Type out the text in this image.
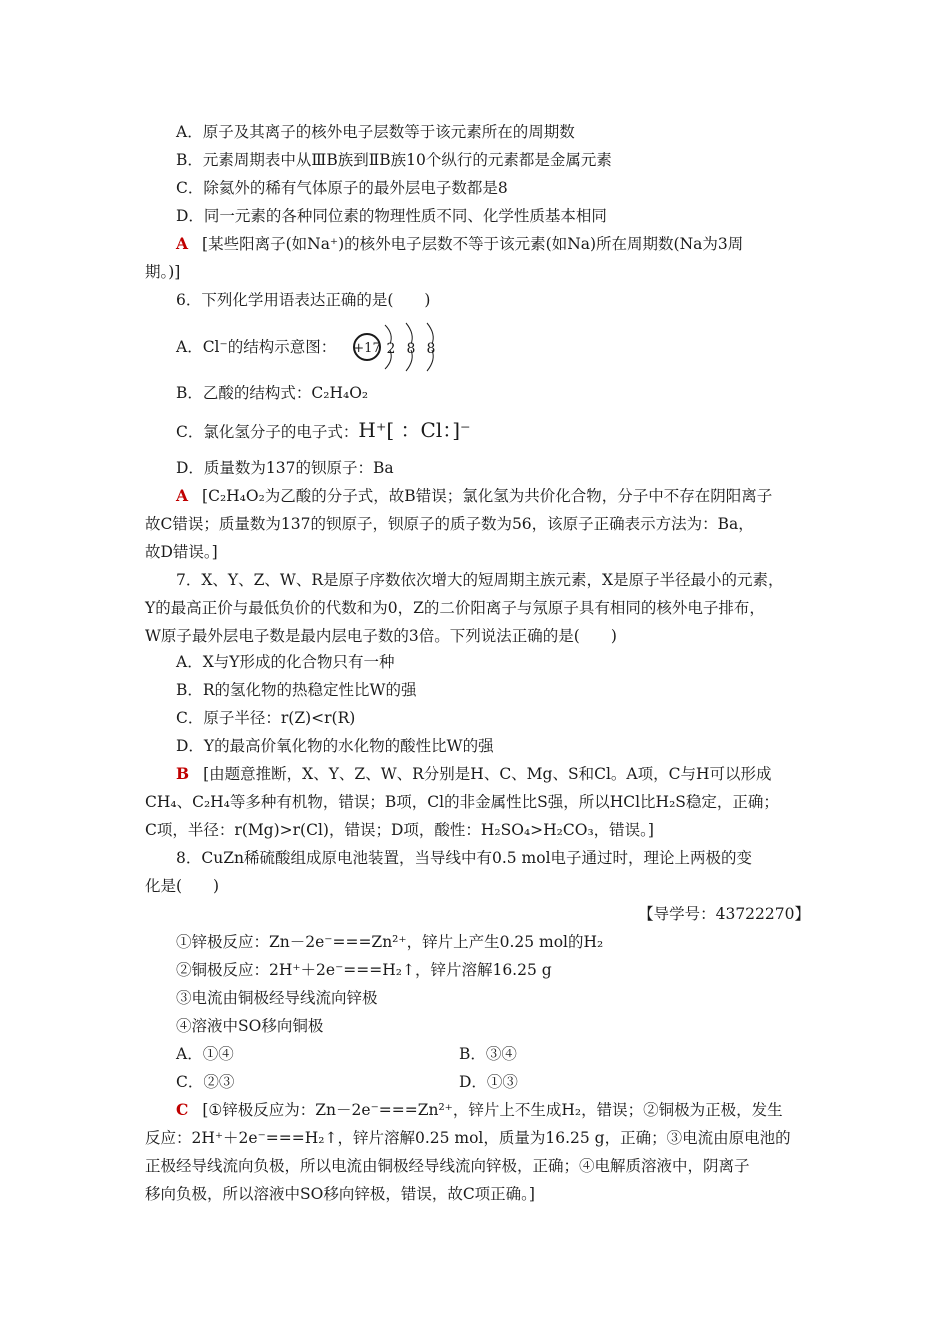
A．原子及其离子的核外电子层数等于该元素所在的周期数
B．元素周期表中从ⅢB族到ⅡB族10个纵行的元素都是金属元素
C．除氦外的稀有气体原子的最外层电子数都是8
D．同一元素的各种同位素的物理性质不同、化学性质基本相同
A [某些阳离子(如Na⁺)的核外电子层数不等于该元素(如Na)所在周期数(Na为3周
期。)]
6．下列化学用语表达正确的是(　　)
A．Cl⁻的结构示意图： +17 2 8 8
B．乙酸的结构式：C₂H₄O₂
C．氯化氢分子的电子式：H⁺[ ：Cl：]⁻
D．质量数为137的钡原子：Ba
A [C₂H₄O₂为乙酸的分子式，故B错误；氯化氢为共价化合物，分子中不存在阴阳离子
故C错误；质量数为137的钡原子，钡原子的质子数为56，该原子正确表示方法为：Ba，
故D错误。]
7．X、Y、Z、W、R是原子序数依次增大的短周期主族元素，X是原子半径最小的元素，
Y的最高正价与最低负价的代数和为0，Z的二价阳离子与氖原子具有相同的核外电子排布，
W原子最外层电子数是最内层电子数的3倍。下列说法正确的是(　　)
A．X与Y形成的化合物只有一种
B．R的氢化物的热稳定性比W的强
C．原子半径：r(Z)<r(R)
D．Y的最高价氧化物的水化物的酸性比W的强
B [由题意推断，X、Y、Z、W、R分别是H、C、Mg、S和Cl。A项，C与H可以形成
CH₄、C₂H₄等多种有机物，错误；B项，Cl的非金属性比S强，所以HCl比H₂S稳定，正确；
C项，半径：r(Mg)>r(Cl)，错误；D项，酸性：H₂SO₄>H₂CO₃，错误。]
8．CuZn稀硫酸组成原电池装置，当导线中有0.5 mol电子通过时，理论上两极的变
化是(　　)
【导学号：43722270】
①锌极反应：Zn－2e⁻===Zn²⁺，锌片上产生0.25 mol的H₂
②铜极反应：2H⁺＋2e⁻===H₂↑，锌片溶解16.25 g
③电流由铜极经导线流向锌极
④溶液中SO移向铜极
A．①④	B．③④
C．②③	D．①③
C [①锌极反应为：Zn－2e⁻===Zn²⁺，锌片上不生成H₂，错误；②铜极为正极，发生
反应：2H⁺＋2e⁻===H₂↑，锌片溶解0.25 mol，质量为16.25 g，正确；③电流由原电池的
正极经导线流向负极，所以电流由铜极经导线流向锌极，正确；④电解质溶液中，阴离子
移向负极，所以溶液中SO移向锌极，错误，故C项正确。]
